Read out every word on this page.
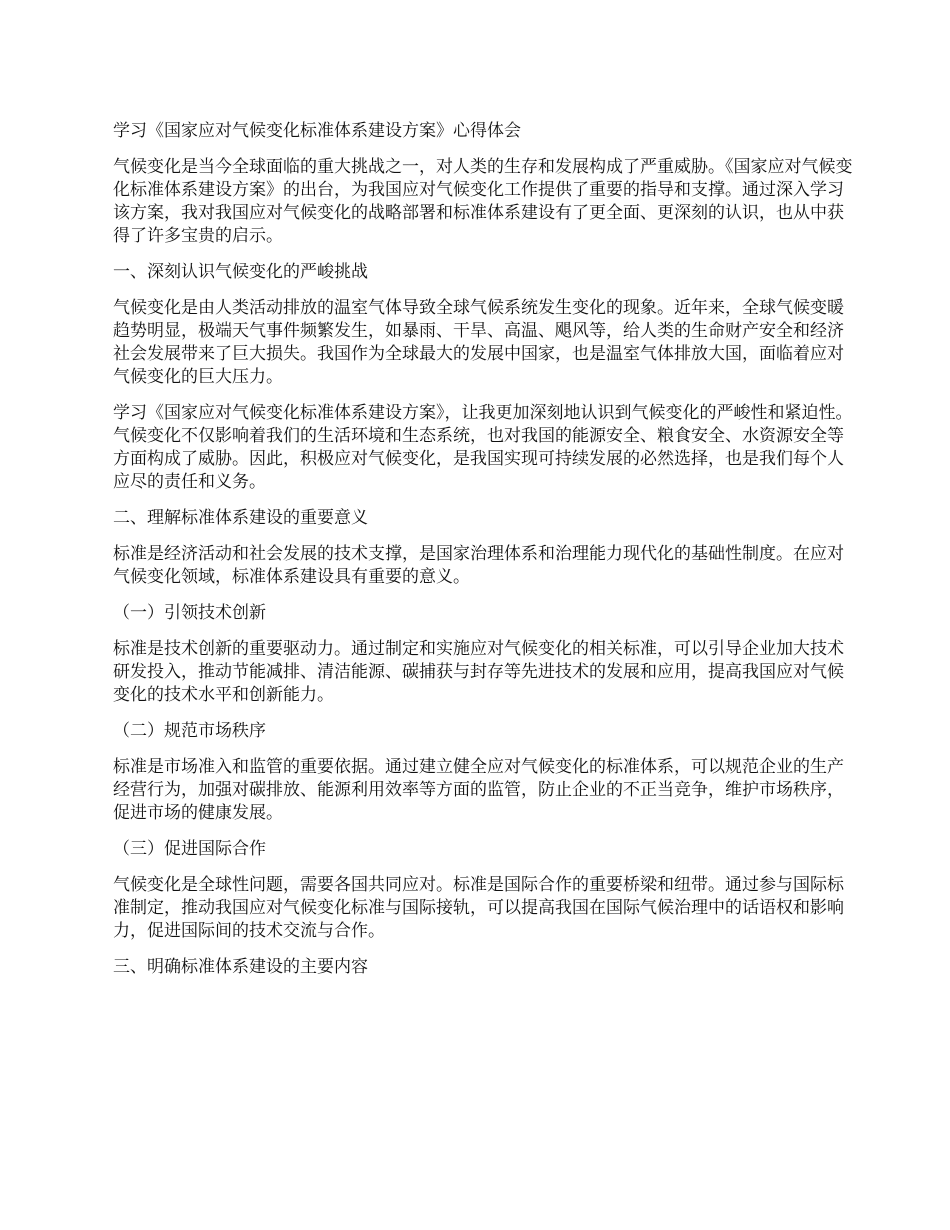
学习《国家应对气候变化标准体系建设方案》心得体会

气候变化是当今全球面临的重大挑战之一，对人类的生存和发展构成了严重威胁。《国家应对气候变化标准体系建设方案》的出台，为我国应对气候变化工作提供了重要的指导和支撑。通过深入学习该方案，我对我国应对气候变化的战略部署和标准体系建设有了更全面、更深刻的认识，也从中获得了许多宝贵的启示。

一、深刻认识气候变化的严峻挑战

气候变化是由人类活动排放的温室气体导致全球气候系统发生变化的现象。近年来，全球气候变暖趋势明显，极端天气事件频繁发生，如暴雨、干旱、高温、飓风等，给人类的生命财产安全和经济社会发展带来了巨大损失。我国作为全球最大的发展中国家，也是温室气体排放大国，面临着应对气候变化的巨大压力。

学习《国家应对气候变化标准体系建设方案》，让我更加深刻地认识到气候变化的严峻性和紧迫性。气候变化不仅影响着我们的生活环境和生态系统，也对我国的能源安全、粮食安全、水资源安全等方面构成了威胁。因此，积极应对气候变化，是我国实现可持续发展的必然选择，也是我们每个人应尽的责任和义务。

二、理解标准体系建设的重要意义

标准是经济活动和社会发展的技术支撑，是国家治理体系和治理能力现代化的基础性制度。在应对气候变化领域，标准体系建设具有重要的意义。

（一）引领技术创新

标准是技术创新的重要驱动力。通过制定和实施应对气候变化的相关标准，可以引导企业加大技术研发投入，推动节能减排、清洁能源、碳捕获与封存等先进技术的发展和应用，提高我国应对气候变化的技术水平和创新能力。

（二）规范市场秩序

标准是市场准入和监管的重要依据。通过建立健全应对气候变化的标准体系，可以规范企业的生产经营行为，加强对碳排放、能源利用效率等方面的监管，防止企业的不正当竞争，维护市场秩序，促进市场的健康发展。

（三）促进国际合作

气候变化是全球性问题，需要各国共同应对。标准是国际合作的重要桥梁和纽带。通过参与国际标准制定，推动我国应对气候变化标准与国际接轨，可以提高我国在国际气候治理中的话语权和影响力，促进国际间的技术交流与合作。

三、明确标准体系建设的主要内容
